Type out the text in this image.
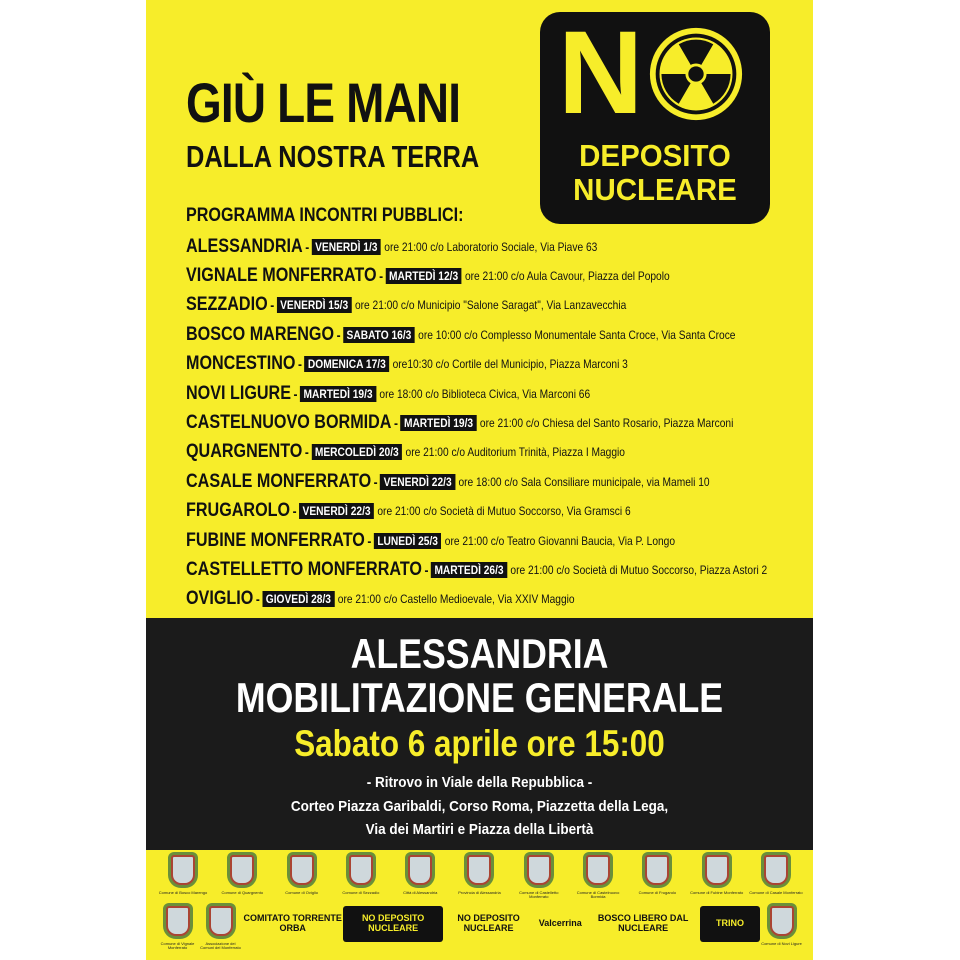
GIÙ LE MANI
DALLA NOSTRA TERRA
N
DEPOSITO
NUCLEARE
PROGRAMMA INCONTRI PUBBLICI:
ALESSANDRIA - VENERDÌ 1/3 ore 21:00 c/o Laboratorio Sociale, Via Piave 63
VIGNALE MONFERRATO - MARTEDÌ 12/3 ore 21:00 c/o Aula Cavour, Piazza del Popolo
SEZZADIO - VENERDÌ 15/3 ore 21:00 c/o Municipio "Salone Saragat", Via Lanzavecchia
BOSCO MARENGO - SABATO 16/3 ore 10:00 c/o Complesso Monumentale Santa Croce, Via Santa Croce
MONCESTINO - DOMENICA 17/3 ore10:30 c/o Cortile del Municipio, Piazza Marconi 3
NOVI LIGURE - MARTEDÌ 19/3 ore 18:00 c/o Biblioteca Civica, Via Marconi 66
CASTELNUOVO BORMIDA - MARTEDÌ 19/3 ore 21:00 c/o Chiesa del Santo Rosario, Piazza Marconi
QUARGNENTO - MERCOLEDÌ 20/3 ore 21:00 c/o Auditorium Trinità, Piazza I Maggio
CASALE MONFERRATO - VENERDÌ 22/3 ore 18:00 c/o Sala Consiliare municipale, via Mameli 10
FRUGAROLO - VENERDÌ 22/3 ore 21:00 c/o Società di Mutuo Soccorso, Via Gramsci 6
FUBINE MONFERRATO - LUNEDÌ 25/3 ore 21:00 c/o Teatro Giovanni Baucia, Via P. Longo
CASTELLETTO MONFERRATO - MARTEDÌ 26/3 ore 21:00 c/o Società di Mutuo Soccorso, Piazza Astori 2
OVIGLIO - GIOVEDÌ 28/3 ore 21:00 c/o Castello Medioevale, Via XXIV Maggio
ALESSANDRIA
MOBILITAZIONE GENERALE
Sabato 6 aprile ore 15:00
- Ritrovo in Viale della Repubblica -
Corteo Piazza Garibaldi, Corso Roma, Piazzetta della Lega,
Via dei Martiri e Piazza della Libertà
Comune di Bosco Marengo	Comune di Quargnento	Comune di Oviglio	Comune di Sezzadio	Città di Alessandria	Provincia di Alessandria	Comune di Castelletto Monferrato
Comune di Castelnuovo Bormida
Comune di Frugarolo	Comune di Fubine Monferrato Comune di Casale Monferrato
Comune di Vignale Monferrato
Associazione dei Comuni del Monferrato
COMITATO TORRENTE ORBA
NO DEPOSITO NUCLEARE
NO DEPOSITO NUCLEARE	Valcerrina	BOSCO LIBERO DAL NUCLEARE	TRINO
Comune di Novi Ligure
